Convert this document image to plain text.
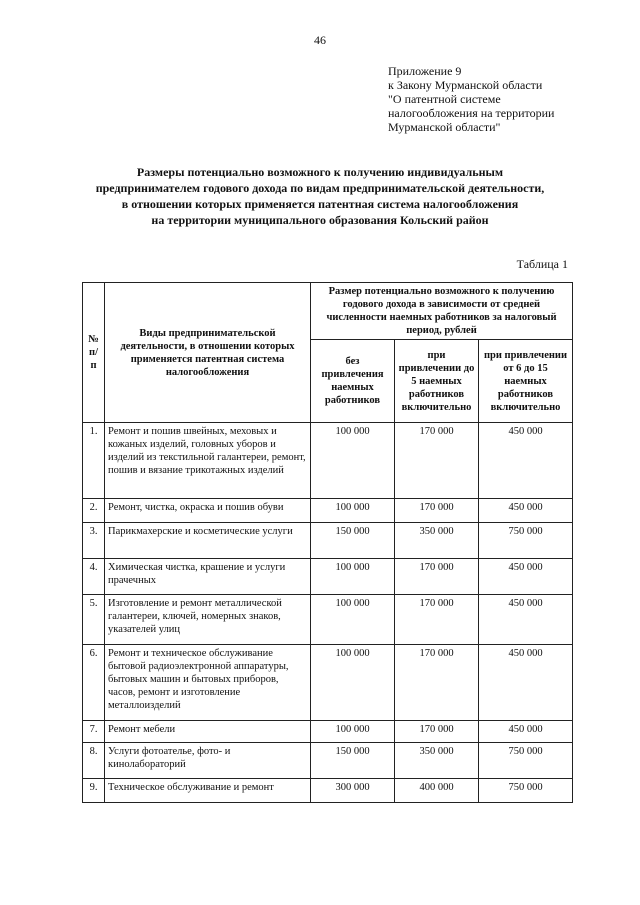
46
Приложение 9
к Закону Мурманской области
"О патентной системе
налогообложения на территории
Мурманской области"
Размеры потенциально возможного к получению индивидуальным
предпринимателем годового дохода по видам предпринимательской деятельности,
в отношении которых применяется патентная система налогообложения
на территории муниципального образования Кольский район
Таблица 1
№ п/п	Виды предпринимательской деятельности, в отношении которых применяется патентная система налогообложения	Размер потенциально возможного к получению годового дохода в зависимости от средней численности наемных работников за налоговый период, рублей		
		без привлечения наемных работников	при привлечении до 5 наемных работников включительно	при привлечении от 6 до 15 наемных работников включительно
1.	Ремонт и пошив швейных, меховых и кожаных изделий, головных уборов и изделий из текстильной галантереи, ремонт, пошив и вязание трикотажных изделий	100 000	170 000	450 000
2.	Ремонт, чистка, окраска и пошив обуви	100 000	170 000	450 000
3.	Парикмахерские и косметические услуги	150 000	350 000	750 000
4.	Химическая чистка, крашение и услуги прачечных	100 000	170 000	450 000
5.	Изготовление и ремонт металлической галантереи, ключей, номерных знаков, указателей улиц	100 000	170 000	450 000
6.	Ремонт и техническое обслуживание бытовой радиоэлектронной аппаратуры, бытовых машин и бытовых приборов, часов, ремонт и изготовление металлоизделий	100 000	170 000	450 000
7.	Ремонт мебели	100 000	170 000	450 000
8.	Услуги фотоателье, фото- и кинолабораторий	150 000	350 000	750 000
9.	Техническое обслуживание и ремонт	300 000	400 000	750 000
